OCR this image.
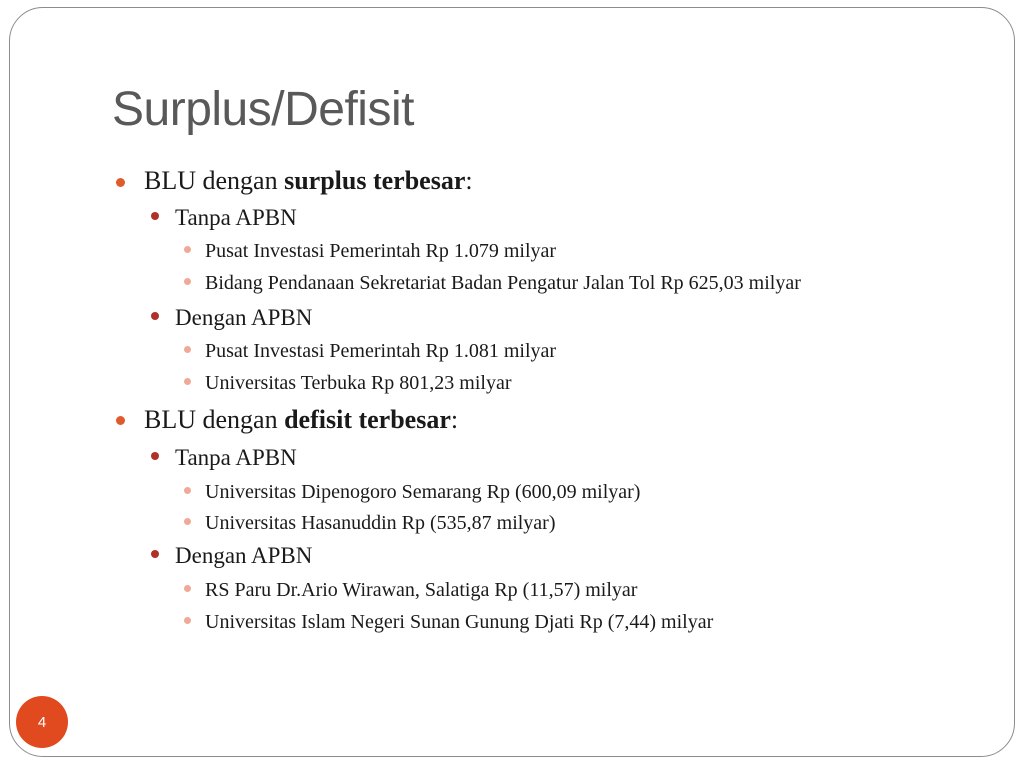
Surplus/Defisit
BLU dengan surplus terbesar:
Tanpa APBN
Pusat Investasi Pemerintah Rp 1.079 milyar
Bidang Pendanaan Sekretariat Badan Pengatur Jalan Tol Rp 625,03 milyar
Dengan APBN
Pusat Investasi Pemerintah Rp 1.081 milyar
Universitas Terbuka Rp 801,23 milyar
BLU dengan defisit terbesar:
Tanpa APBN
Universitas Dipenogoro Semarang Rp (600,09 milyar)
Universitas Hasanuddin Rp (535,87 milyar)
Dengan APBN
RS Paru Dr.Ario Wirawan, Salatiga Rp (11,57) milyar
Universitas Islam Negeri Sunan Gunung Djati Rp (7,44) milyar
4
